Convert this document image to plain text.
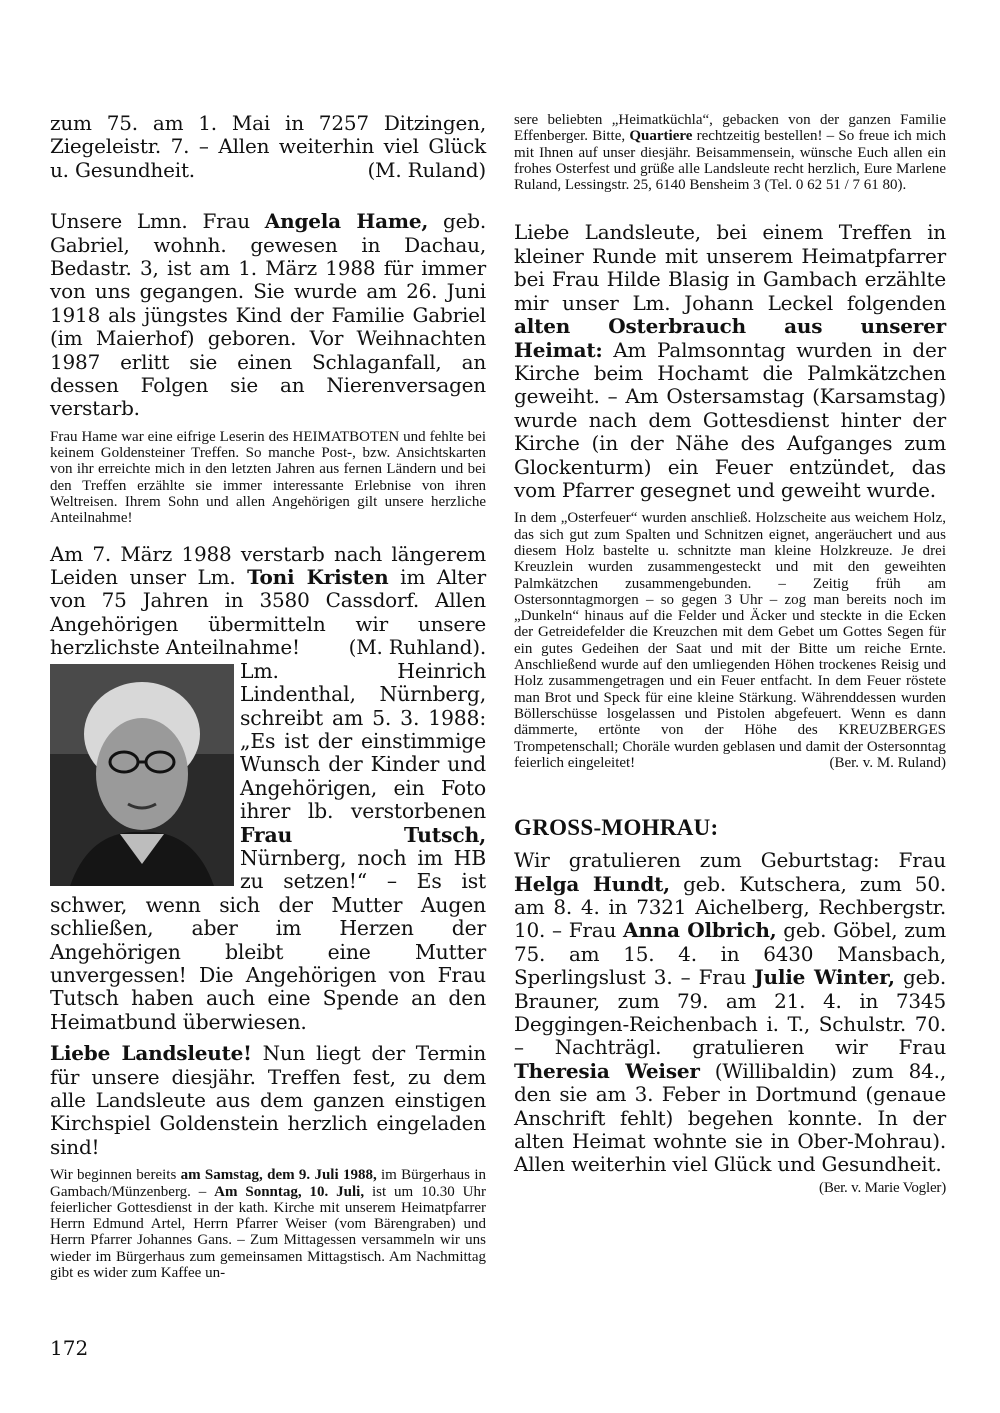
zum 75. am 1. Mai in 7257 Ditzingen, Ziegeleistr. 7. – Allen weiterhin viel Glück u. Gesundheit.	(M. Ruland)

Unsere Lmn. Frau Angela Hame, geb. Gabriel, wohnh. gewesen in Dachau, Bedastr. 3, ist am 1. März 1988 für immer von uns gegangen. Sie wurde am 26. Juni 1918 als jüngstes Kind der Familie Gabriel (im Maierhof) geboren. Vor Weihnachten 1987 erlitt sie einen Schlaganfall, an dessen Folgen sie an Nierenversagen verstarb.

Frau Hame war eine eifrige Leserin des HEIMATBOTEN und fehlte bei keinem Goldensteiner Treffen. So manche Post-, bzw. Ansichtskarten von ihr erreichte mich in den letzten Jahren aus fernen Ländern und bei den Treffen erzählte sie immer interessante Erlebnise von ihren Weltreisen. Ihrem Sohn und allen Angehörigen gilt unsere herzliche Anteilnahme!

Am 7. März 1988 verstarb nach längerem Leiden unser Lm. Toni Kristen im Alter von 75 Jahren in 3580 Cassdorf. Allen Angehörigen übermitteln wir unsere herzlichste Anteilnahme! (M. Ruhland).

Lm. Heinrich Lindenthal, Nürnberg, schreibt am 5. 3. 1988: „Es ist der einstimmige Wunsch der Kinder und Angehörigen, ein Foto ihrer lb. verstorbenen Frau Tutsch, Nürnberg, noch im HB zu setzen!“ – Es ist schwer, wenn sich der Mutter Augen schließen, aber im Herzen der Angehörigen bleibt eine Mutter unvergessen! Die Angehörigen von Frau Tutsch haben auch eine Spende an den Heimatbund überwiesen.

Liebe Landsleute! Nun liegt der Termin für unsere diesjähr. Treffen fest, zu dem alle Landsleute aus dem ganzen einstigen Kirchspiel Goldenstein herzlich eingeladen sind!

Wir beginnen bereits am Samstag, dem 9. Juli 1988, im Bürgerhaus in Gambach/Münzenberg. – Am Sonntag, 10. Juli, ist um 10.30 Uhr feierlicher Gottesdienst in der kath. Kirche mit unserem Heimatpfarrer Herrn Edmund Artel, Herrn Pfarrer Weiser (vom Bärengraben) und Herrn Pfarrer Johannes Gans. – Zum Mittagessen versammeln wir uns wieder im Bürgerhaus zum gemeinsamen Mittagstisch. Am Nachmittag gibt es wider zum Kaffee un-

sere beliebten „Heimatküchla“, gebacken von der ganzen Familie Effenberger. Bitte, Quartiere rechtzeitig bestellen! – So freue ich mich mit Ihnen auf unser diesjähr. Beisammensein, wünsche Euch allen ein frohes Osterfest und grüße alle Landsleute recht herzlich, Eure Marlene Ruland, Lessingstr. 25, 6140 Bensheim 3 (Tel. 0 62 51 / 7 61 80).

Liebe Landsleute, bei einem Treffen in kleiner Runde mit unserem Heimatpfarrer bei Frau Hilde Blasig in Gambach erzählte mir unser Lm. Johann Leckel folgenden alten Osterbrauch aus unserer Heimat: Am Palmsonntag wurden in der Kirche beim Hochamt die Palmkätzchen geweiht. – Am Ostersamstag (Karsamstag) wurde nach dem Gottesdienst hinter der Kirche (in der Nähe des Aufganges zum Glockenturm) ein Feuer entzündet, das vom Pfarrer gesegnet und geweiht wurde.

In dem „Osterfeuer“ wurden anschließ. Holzscheite aus weichem Holz, das sich gut zum Spalten und Schnitzen eignet, angeräuchert und aus diesem Holz bastelte u. schnitzte man kleine Holzkreuze. Je drei Kreuzlein wurden zusammengesteckt und mit den geweihten Palmkätzchen zusammengebunden. – Zeitig früh am Ostersonntagmorgen – so gegen 3 Uhr – zog man bereits noch im „Dunkeln“ hinaus auf die Felder und Äcker und steckte in die Ecken der Getreidefelder die Kreuzchen mit dem Gebet um Gottes Segen für ein gutes Gedeihen der Saat und mit der Bitte um reiche Ernte. Anschließend wurde auf den umliegenden Höhen trockenes Reisig und Holz zusammengetragen und ein Feuer entfacht. In dem Feuer röstete man Brot und Speck für eine kleine Stärkung. Währenddessen wurden Böllerschüsse losgelassen und Pistolen abgefeuert. Wenn es dann dämmerte, ertönte von der Höhe des KREUZBERGES Trompetenschall; Choräle wurden geblasen und damit der Ostersonntag feierlich eingeleitet!	(Ber. v. M. Ruland)

GROSS-MOHRAU:

Wir gratulieren zum Geburtstag: Frau Helga Hundt, geb. Kutschera, zum 50. am 8. 4. in 7321 Aichelberg, Rechbergstr. 10. – Frau Anna Olbrich, geb. Göbel, zum 75. am 15. 4. in 6430 Mansbach, Sperlingslust 3. – Frau Julie Winter, geb. Brauner, zum 79. am 21. 4. in 7345 Deggingen-Reichenbach i. T., Schulstr. 70. – Nachträgl. gratulieren wir Frau Theresia Weiser (Willibaldin) zum 84., den sie am 3. Feber in Dortmund (genaue Anschrift fehlt) begehen konnte. In der alten Heimat wohnte sie in Ober-Mohrau). Allen weiterhin viel Glück und Gesundheit.
(Ber. v. Marie Vogler)

172
